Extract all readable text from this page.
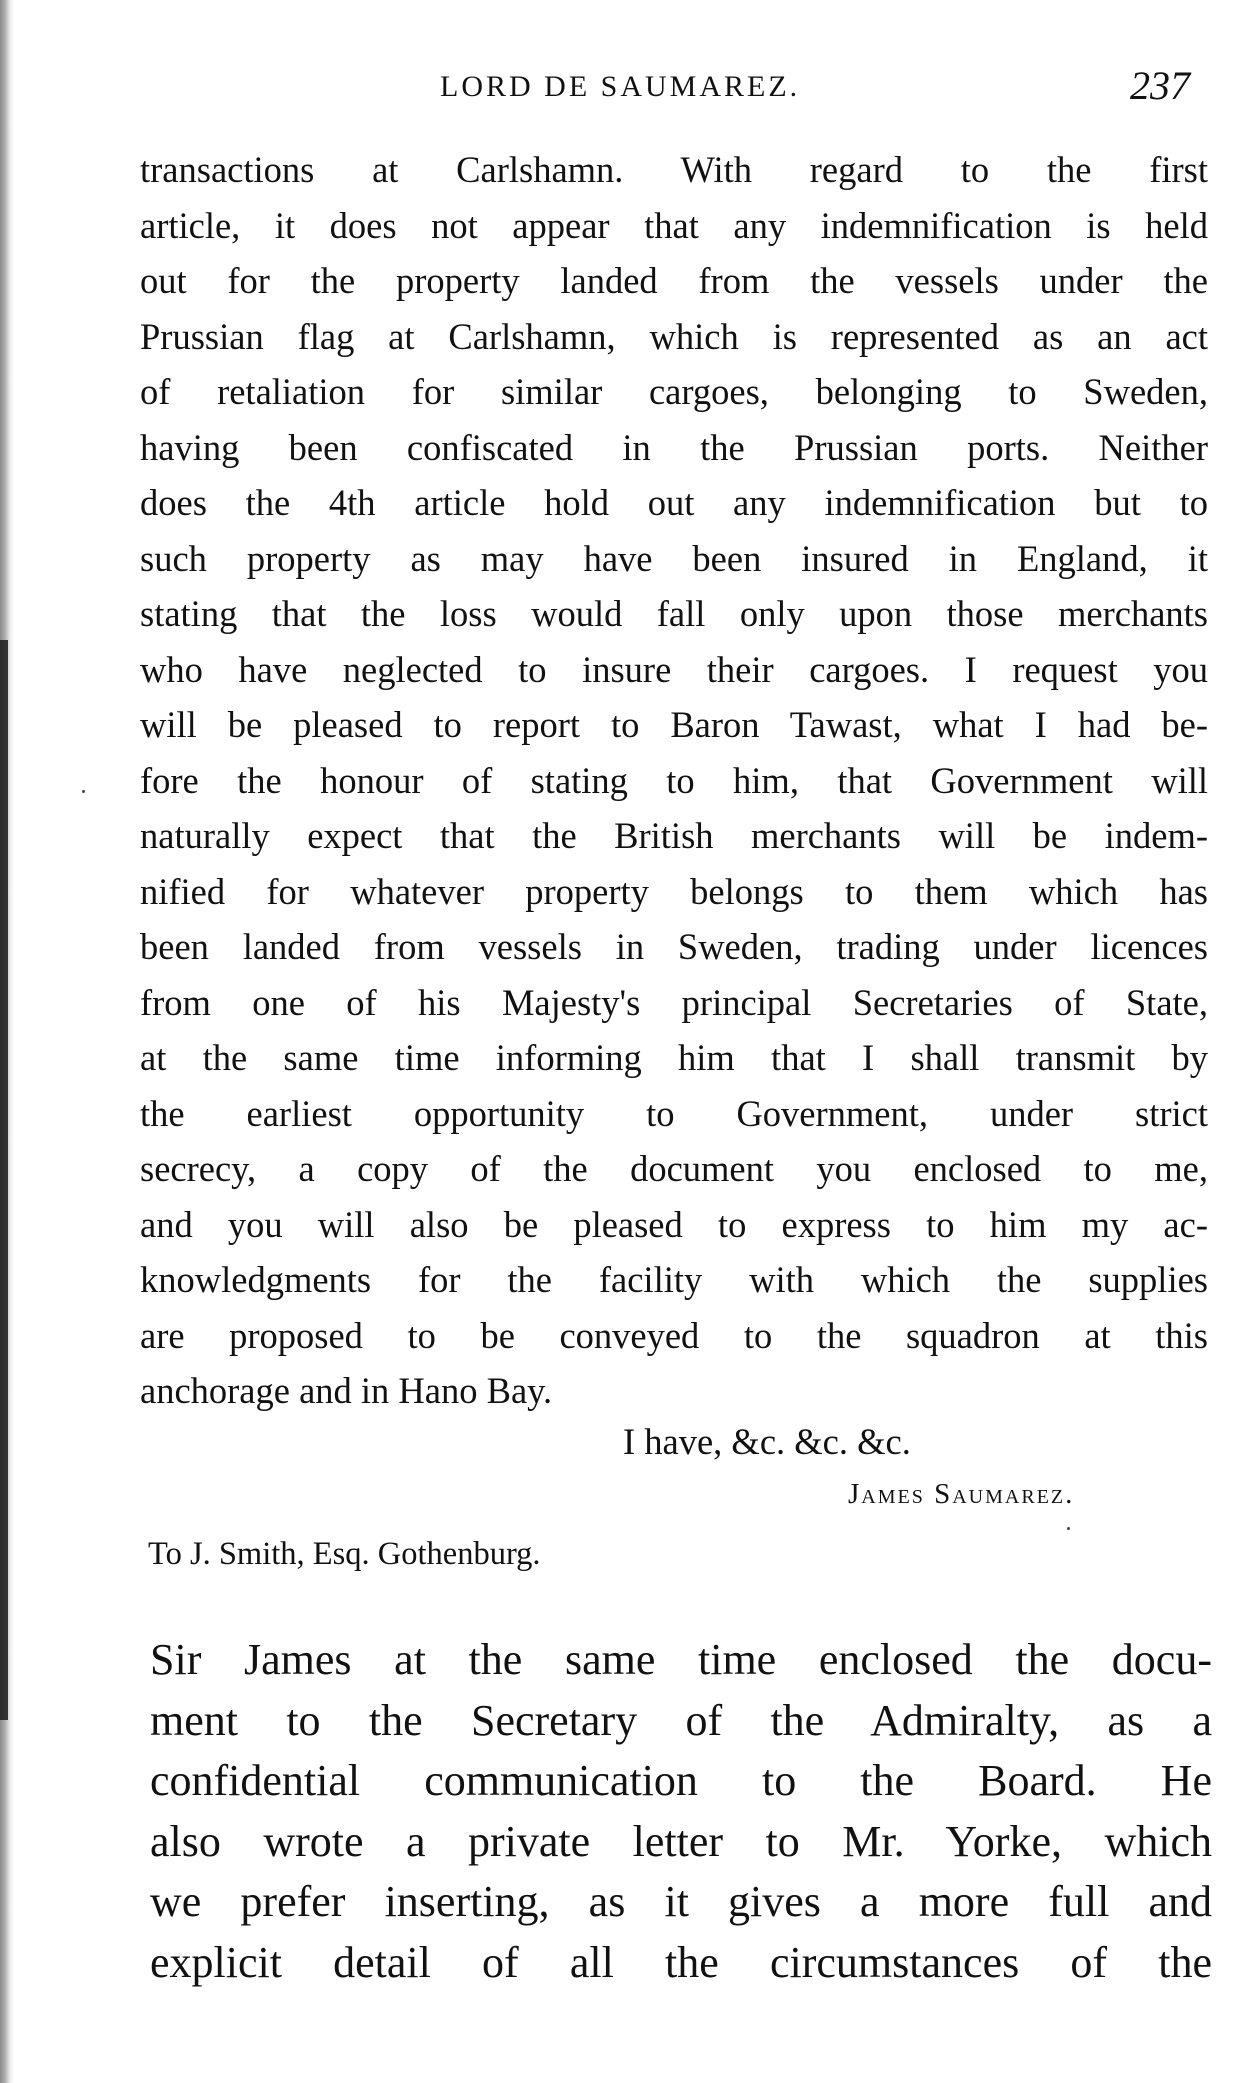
LORD DE SAUMAREZ.	237
transactions at Carlshamn. With regard to the first
article, it does not appear that any indemnification is held
out for the property landed from the vessels under the
Prussian flag at Carlshamn, which is represented as an act
of retaliation for similar cargoes, belonging to Sweden,
having been confiscated in the Prussian ports. Neither
does the 4th article hold out any indemnification but to
such property as may have been insured in England, it
stating that the loss would fall only upon those merchants
who have neglected to insure their cargoes. I request you
will be pleased to report to Baron Tawast, what I had be-
fore the honour of stating to him, that Government will
naturally expect that the British merchants will be indem-
nified for whatever property belongs to them which has
been landed from vessels in Sweden, trading under licences
from one of his Majesty's principal Secretaries of State,
at the same time informing him that I shall transmit by
the earliest opportunity to Government, under strict
secrecy, a copy of the document you enclosed to me,
and you will also be pleased to express to him my ac-
knowledgments for the facility with which the supplies
are proposed to be conveyed to the squadron at this
anchorage and in Hano Bay.
I have, &c. &c. &c.
James Saumarez.
To J. Smith, Esq. Gothenburg.
Sir James at the same time enclosed the docu-
ment to the Secretary of the Admiralty, as a
confidential communication to the Board. He
also wrote a private letter to Mr. Yorke, which
we prefer inserting, as it gives a more full and
explicit detail of all the circumstances of the
